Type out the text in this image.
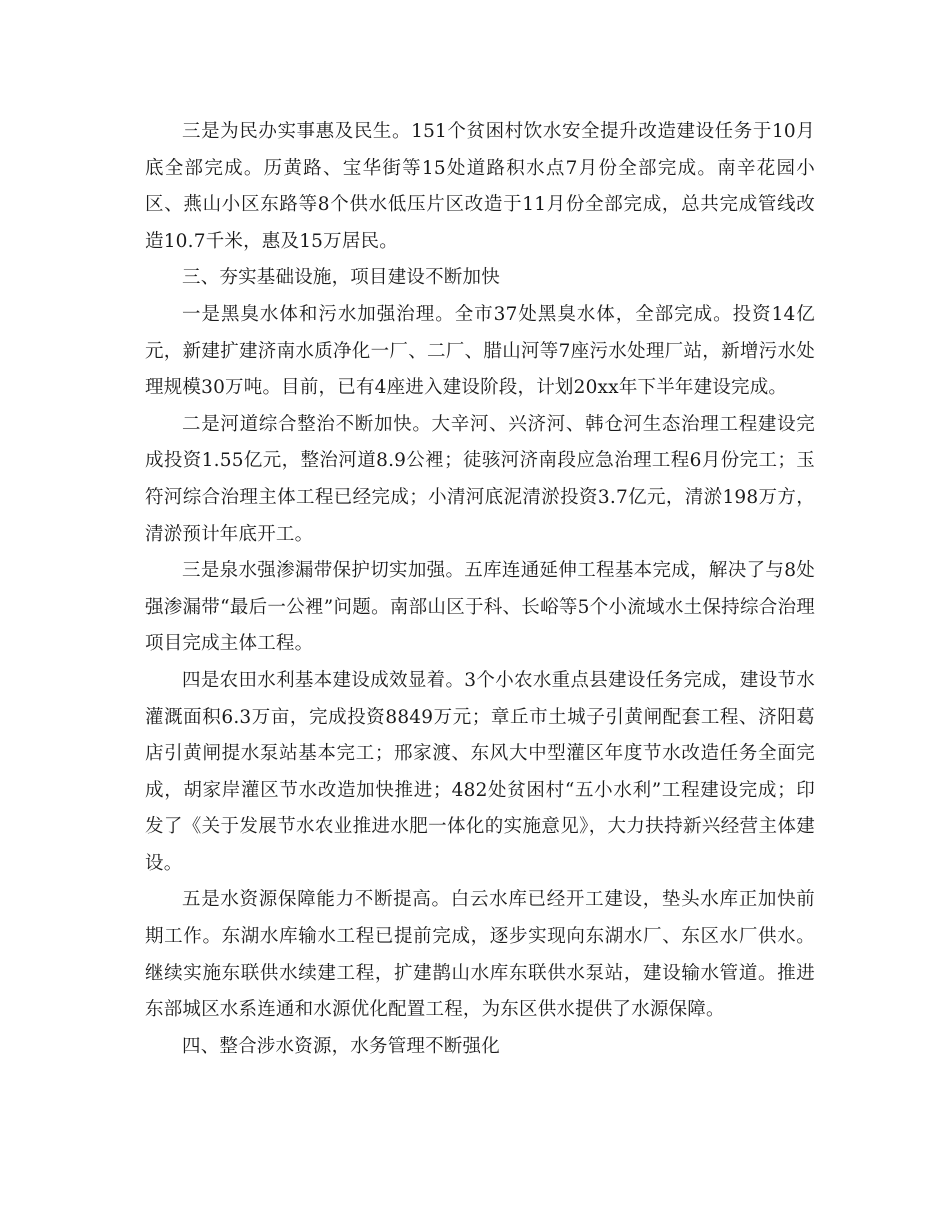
三是为民办实事惠及民生。151个贫困村饮水安全提升改造建设任务于10月底全部完成。历黄路、宝华街等15处道路积水点7月份全部完成。南辛花园小区、燕山小区东路等8个供水低压片区改造于11月份全部完成，总共完成管线改造10.7千米，惠及15万居民。

三、夯实基础设施，项目建设不断加快

一是黑臭水体和污水加强治理。全市37处黑臭水体，全部完成。投资14亿元，新建扩建济南水质净化一厂、二厂、腊山河等7座污水处理厂站，新增污水处理规模30万吨。目前，已有4座进入建设阶段，计划20xx年下半年建设完成。

二是河道综合整治不断加快。大辛河、兴济河、韩仓河生态治理工程建设完成投资1.55亿元，整治河道8.9公裡；徒骇河济南段应急治理工程6月份完工；玉符河综合治理主体工程已经完成；小清河底泥清淤投资3.7亿元，清淤198万方，清淤预计年底开工。

三是泉水强渗漏带保护切实加强。五库连通延伸工程基本完成，解决了与8处强渗漏带“最后一公裡”问题。南部山区于科、长峪等5个小流域水土保持综合治理项目完成主体工程。

四是农田水利基本建设成效显着。3个小农水重点县建设任务完成，建设节水灌溉面积6.3万亩，完成投资8849万元；章丘市土城子引黄闸配套工程、济阳葛店引黄闸提水泵站基本完工；邢家渡、东风大中型灌区年度节水改造任务全面完成，胡家岸灌区节水改造加快推进；482处贫困村“五小水利”工程建设完成；印发了《关于发展节水农业推进水肥一体化的实施意见》，大力扶持新兴经营主体建设。

五是水资源保障能力不断提高。白云水库已经开工建设，垫头水库正加快前期工作。东湖水库输水工程已提前完成，逐步实现向东湖水厂、东区水厂供水。继续实施东联供水续建工程，扩建鹊山水库东联供水泵站，建设输水管道。推进东部城区水系连通和水源优化配置工程，为东区供水提供了水源保障。

四、整合涉水资源，水务管理不断强化
